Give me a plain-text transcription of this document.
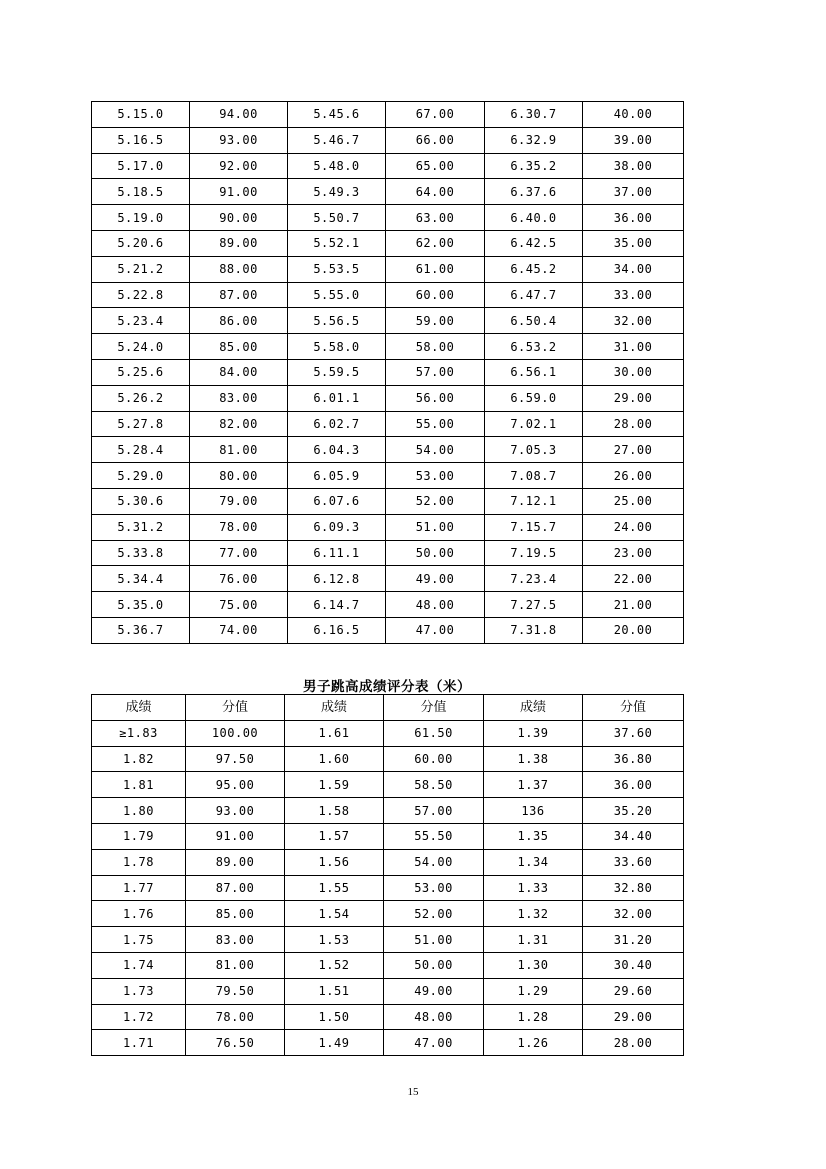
5.15.0	94.00	5.45.6	67.00	6.30.7	40.00
5.16.5	93.00	5.46.7	66.00	6.32.9	39.00
5.17.0	92.00	5.48.0	65.00	6.35.2	38.00
5.18.5	91.00	5.49.3	64.00	6.37.6	37.00
5.19.0	90.00	5.50.7	63.00	6.40.0	36.00
5.20.6	89.00	5.52.1	62.00	6.42.5	35.00
5.21.2	88.00	5.53.5	61.00	6.45.2	34.00
5.22.8	87.00	5.55.0	60.00	6.47.7	33.00
5.23.4	86.00	5.56.5	59.00	6.50.4	32.00
5.24.0	85.00	5.58.0	58.00	6.53.2	31.00
5.25.6	84.00	5.59.5	57.00	6.56.1	30.00
5.26.2	83.00	6.01.1	56.00	6.59.0	29.00
5.27.8	82.00	6.02.7	55.00	7.02.1	28.00
5.28.4	81.00	6.04.3	54.00	7.05.3	27.00
5.29.0	80.00	6.05.9	53.00	7.08.7	26.00
5.30.6	79.00	6.07.6	52.00	7.12.1	25.00
5.31.2	78.00	6.09.3	51.00	7.15.7	24.00
5.33.8	77.00	6.11.1	50.00	7.19.5	23.00
5.34.4	76.00	6.12.8	49.00	7.23.4	22.00
5.35.0	75.00	6.14.7	48.00	7.27.5	21.00
5.36.7	74.00	6.16.5	47.00	7.31.8	20.00
男子跳高成绩评分表（米）
成绩	分值	成绩	分值	成绩	分值
≥1.83	100.00	1.61	61.50	1.39	37.60
1.82	97.50	1.60	60.00	1.38	36.80
1.81	95.00	1.59	58.50	1.37	36.00
1.80	93.00	1.58	57.00	136	35.20
1.79	91.00	1.57	55.50	1.35	34.40
1.78	89.00	1.56	54.00	1.34	33.60
1.77	87.00	1.55	53.00	1.33	32.80
1.76	85.00	1.54	52.00	1.32	32.00
1.75	83.00	1.53	51.00	1.31	31.20
1.74	81.00	1.52	50.00	1.30	30.40
1.73	79.50	1.51	49.00	1.29	29.60
1.72	78.00	1.50	48.00	1.28	29.00
1.71	76.50	1.49	47.00	1.26	28.00
15
